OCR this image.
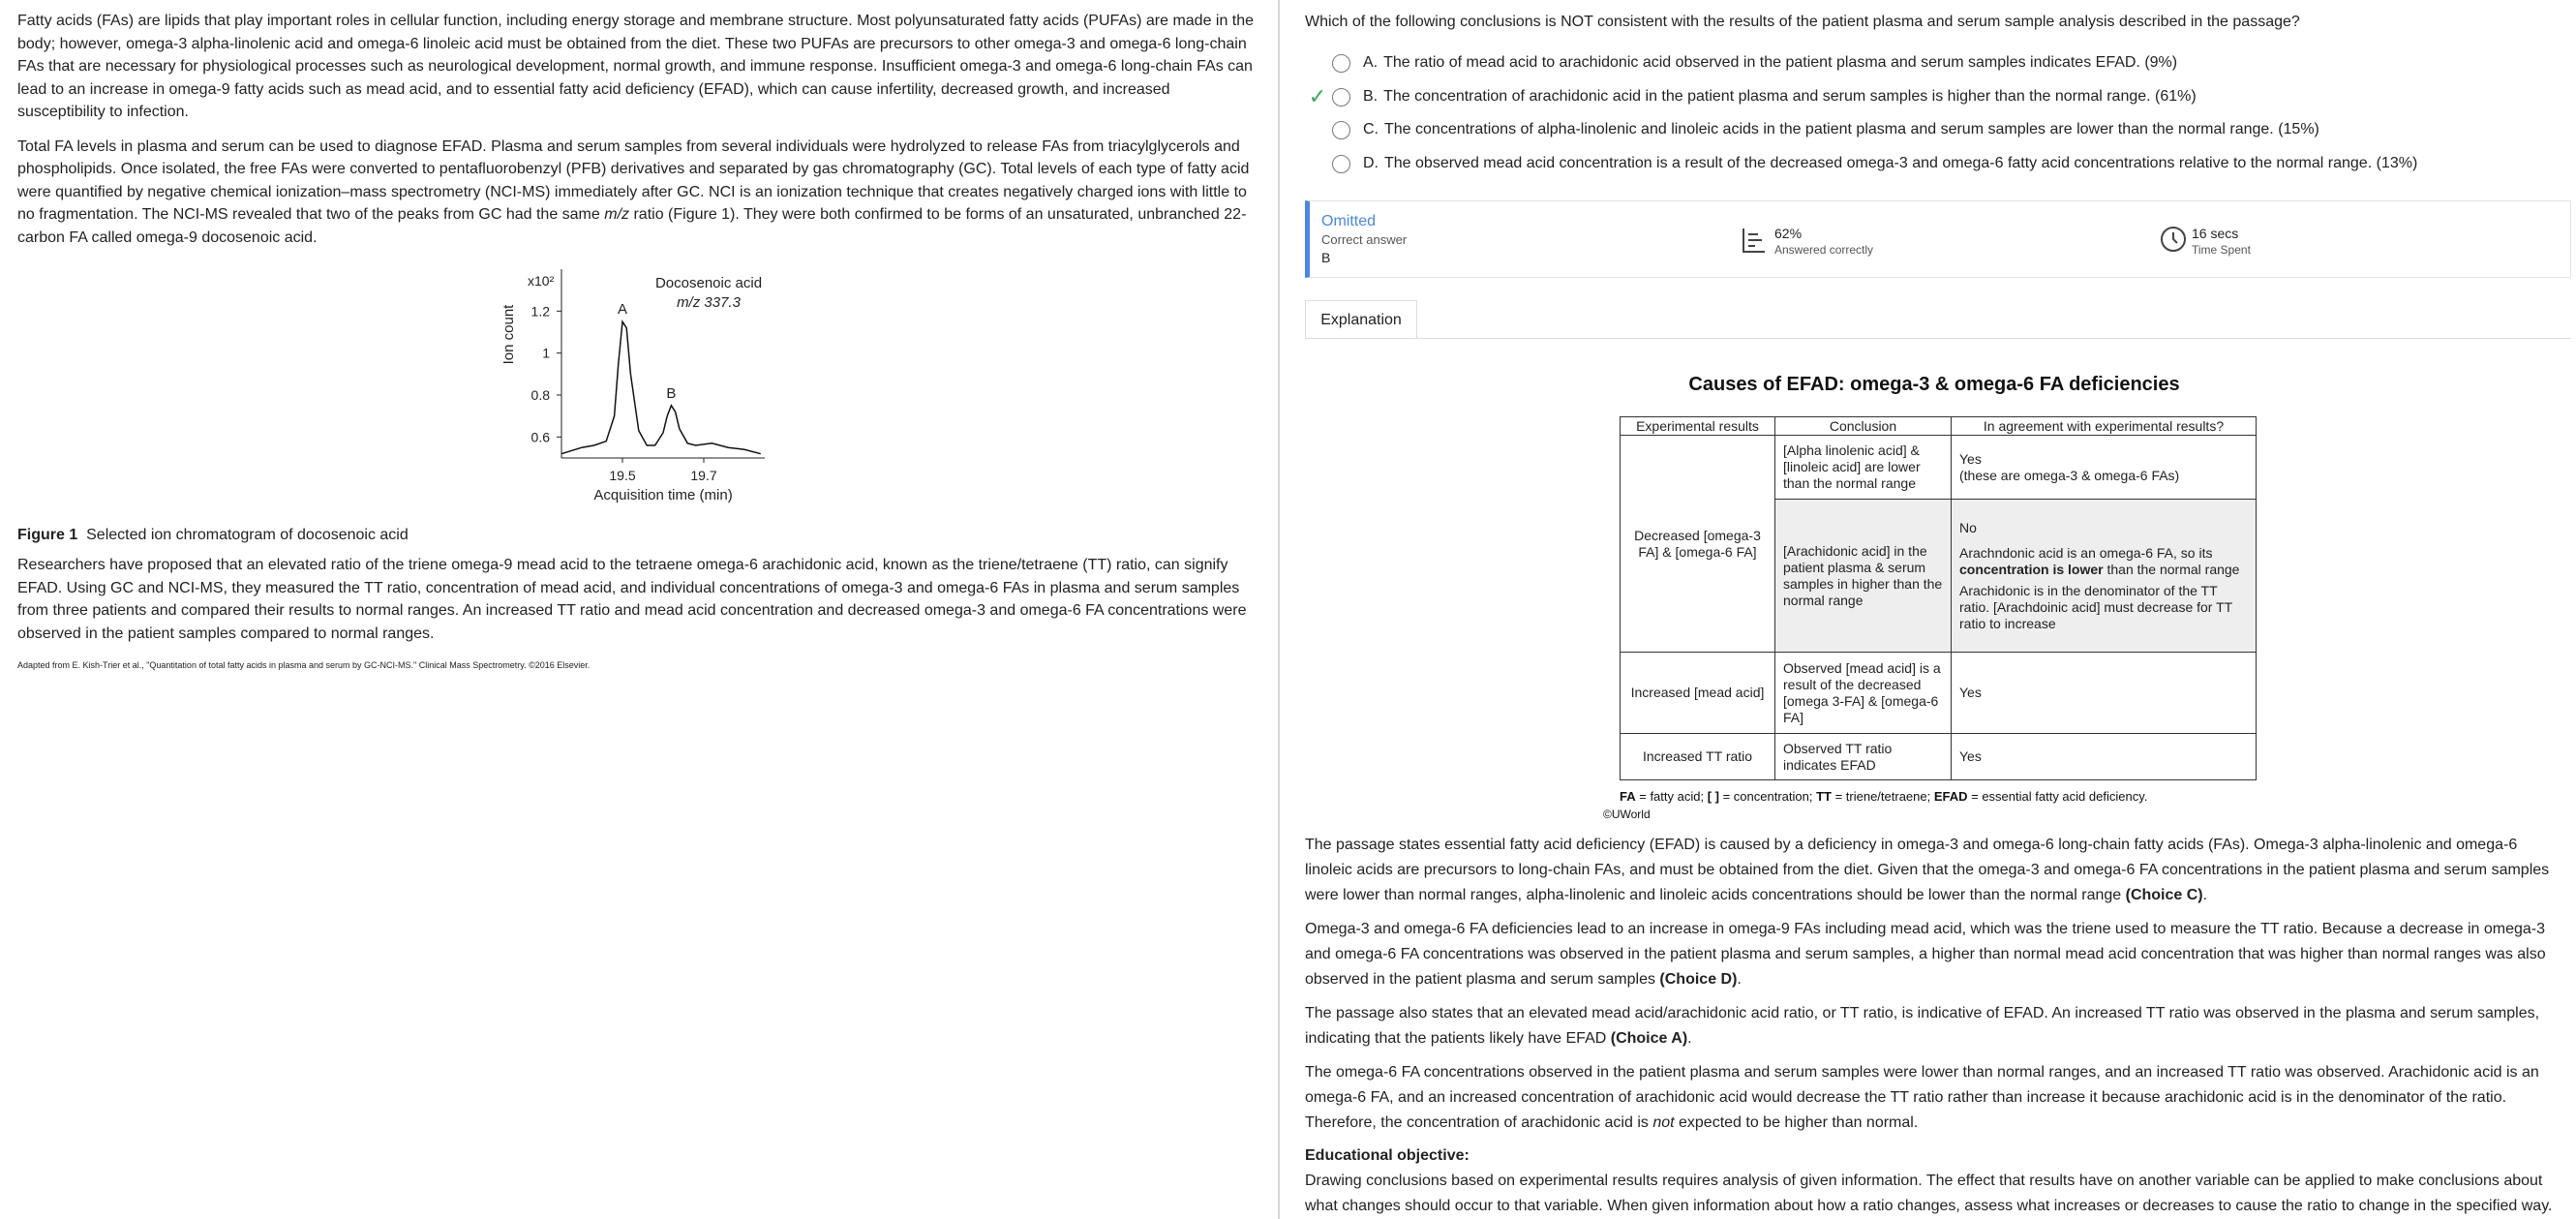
Fatty acids (FAs) are lipids that play important roles in cellular function, including energy storage and membrane structure. Most polyunsaturated fatty acids (PUFAs) are made in the body; however, omega-3 alpha-linolenic acid and omega-6 linoleic acid must be obtained from the diet. These two PUFAs are precursors to other omega-3 and omega-6 long-chain FAs that are necessary for physiological processes such as neurological development, normal growth, and immune response. Insufficient omega-3 and omega-6 long-chain FAs can lead to an increase in omega-9 fatty acids such as mead acid, and to essential fatty acid deficiency (EFAD), which can cause infertility, decreased growth, and increased susceptibility to infection.

Total FA levels in plasma and serum can be used to diagnose EFAD. Plasma and serum samples from several individuals were hydrolyzed to release FAs from triacylglycerols and phospholipids. Once isolated, the free FAs were converted to pentafluorobenzyl (PFB) derivatives and separated by gas chromatography (GC). Total levels of each type of fatty acid were quantified by negative chemical ionization–mass spectrometry (NCI-MS) immediately after GC. NCI is an ionization technique that creates negatively charged ions with little to no fragmentation. The NCI-MS revealed that two of the peaks from GC had the same m/z ratio (Figure 1). They were both confirmed to be forms of an unsaturated, unbranched 22-carbon FA called omega-9 docosenoic acid.

0.6
0.8
1
1.2
19.5	19.7
x10²
Acquisition time (min)
Ion count
Docosenoic acid
m/z 337.3
A
B
Figure 1 Selected ion chromatogram of docosenoic acid

Researchers have proposed that an elevated ratio of the triene omega-9 mead acid to the tetraene omega-6 arachidonic acid, known as the triene/tetraene (TT) ratio, can signify EFAD. Using GC and NCI-MS, they measured the TT ratio, concentration of mead acid, and individual concentrations of omega-3 and omega-6 FAs in plasma and serum samples from three patients and compared their results to normal ranges. An increased TT ratio and mead acid concentration and decreased omega-3 and omega-6 FA concentrations were observed in the patient samples compared to normal ranges.

Adapted from E. Kish-Trier et al., "Quantitation of total fatty acids in plasma and serum by GC-NCI-MS." Clinical Mass Spectrometry. ©2016 Elsevier.
Which of the following conclusions is NOT consistent with the results of the patient plasma and serum sample analysis described in the passage?
A. The ratio of mead acid to arachidonic acid observed in the patient plasma and serum samples indicates EFAD. (9%)
✓ B. The concentration of arachidonic acid in the patient plasma and serum samples is higher than the normal range. (61%)
C. The concentrations of alpha-linolenic and linoleic acids in the patient plasma and serum samples are lower than the normal range. (15%)
D. The observed mead acid concentration is a result of the decreased omega-3 and omega-6 fatty acid concentrations relative to the normal range. (13%)
Omitted
Correct answer
B
62%
Answered correctly
16 secs
Time Spent
Explanation
Causes of EFAD: omega-3 & omega-6 FA deficiencies
Experimental results	Conclusion	In agreement with experimental results?
Decreased [omega-3 FA] & [omega-6 FA]	[Alpha linolenic acid] & [linoleic acid] are lower than the normal range	Yes
(these are omega-3 & omega-6 FAs)
	[Arachidonic acid] in the patient plasma & serum samples in higher than the normal range	No
Arachndonic acid is an omega-6 FA, so its concentration is lower than the normal range
Arachidonic is in the denominator of the TT ratio. [Arachdoinic acid] must decrease for TT ratio to increase

Increased [mead acid]	Observed [mead acid] is a result of the decreased [omega 3-FA] & [omega-6 FA]	Yes
Increased TT ratio	Observed TT ratio indicates EFAD	Yes
FA = fatty acid; [ ] = concentration; TT = triene/tetraene; EFAD = essential fatty acid deficiency.
©UWorld

The passage states essential fatty acid deficiency (EFAD) is caused by a deficiency in omega-3 and omega-6 long-chain fatty acids (FAs). Omega-3 alpha-linolenic and omega-6 linoleic acids are precursors to long-chain FAs, and must be obtained from the diet. Given that the omega-3 and omega-6 FA concentrations in the patient plasma and serum samples were lower than normal ranges, alpha-linolenic and linoleic acids concentrations should be lower than the normal range (Choice C).

Omega-3 and omega-6 FA deficiencies lead to an increase in omega-9 FAs including mead acid, which was the triene used to measure the TT ratio. Because a decrease in omega-3 and omega-6 FA concentrations was observed in the patient plasma and serum samples, a higher than normal mead acid concentration that was higher than normal ranges was also observed in the patient plasma and serum samples (Choice D).

The passage also states that an elevated mead acid/arachidonic acid ratio, or TT ratio, is indicative of EFAD. An increased TT ratio was observed in the plasma and serum samples, indicating that the patients likely have EFAD (Choice A).

The omega-6 FA concentrations observed in the patient plasma and serum samples were lower than normal ranges, and an increased TT ratio was observed. Arachidonic acid is an omega-6 FA, and an increased concentration of arachidonic acid would decrease the TT ratio rather than increase it because arachidonic acid is in the denominator of the ratio. Therefore, the concentration of arachidonic acid is not expected to be higher than normal.

Educational objective:

Drawing conclusions based on experimental results requires analysis of given information. The effect that results have on another variable can be applied to make conclusions about what changes should occur to that variable. When given information about how a ratio changes, assess what increases or decreases to cause the ratio to change in the specified way.
